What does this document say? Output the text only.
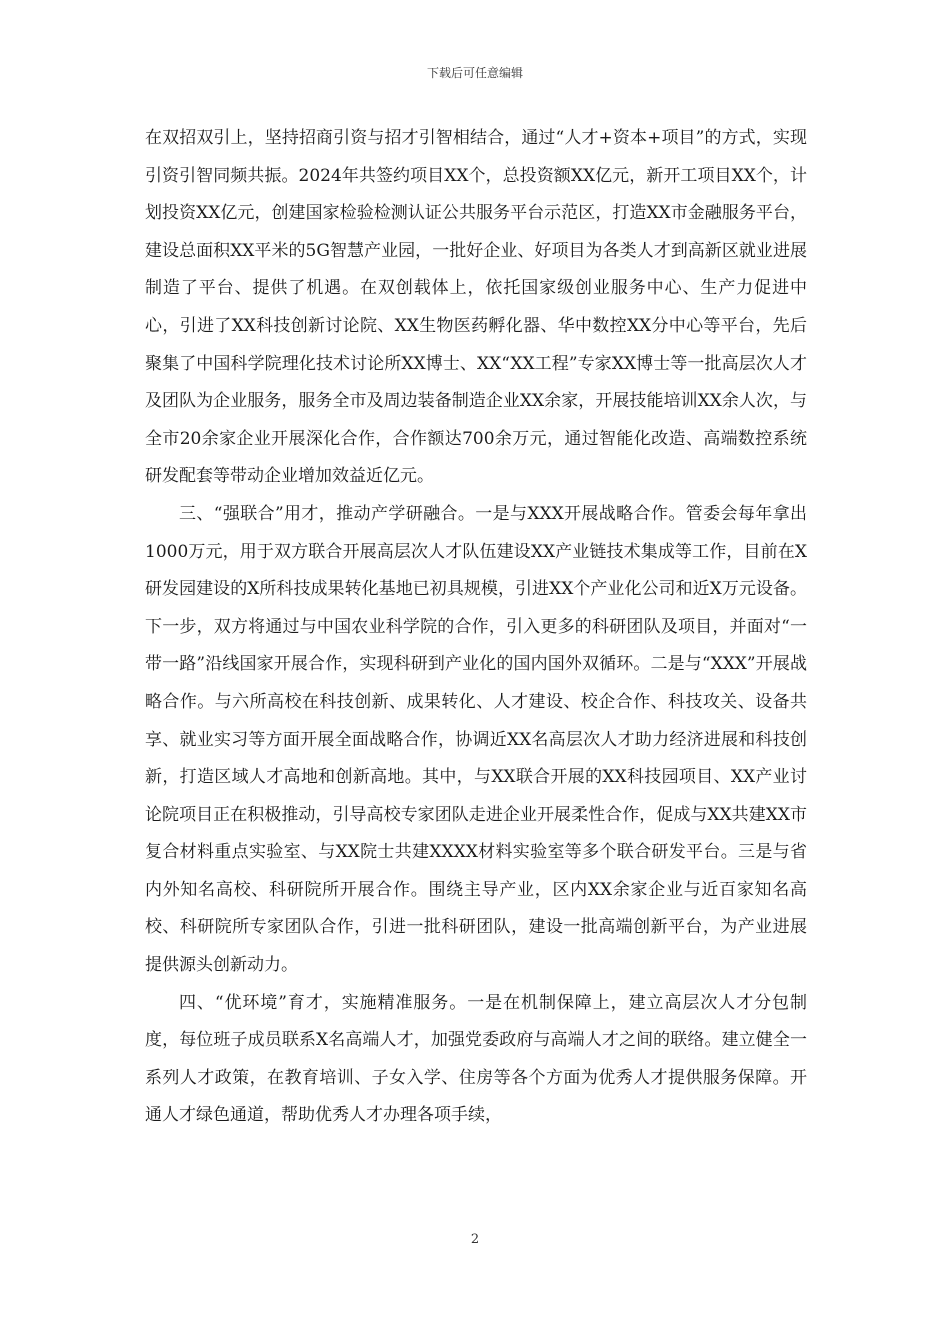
下载后可任意编辑

在双招双引上，坚持招商引资与招才引智相结合，通过“人才+资本+项目”的方式，实现引资引智同频共振。2024年共签约项目XX个，总投资额XX亿元，新开工项目XX个，计划投资XX亿元，创建国家检验检测认证公共服务平台示范区，打造XX市金融服务平台，建设总面积XX平米的5G智慧产业园，一批好企业、好项目为各类人才到高新区就业进展制造了平台、提供了机遇。在双创载体上，依托国家级创业服务中心、生产力促进中心，引进了XX科技创新讨论院、XX生物医药孵化器、华中数控XX分中心等平台，先后聚集了中国科学院理化技术讨论所XX博士、XX“XX工程”专家XX博士等一批高层次人才及团队为企业服务，服务全市及周边装备制造企业XX余家，开展技能培训XX余人次，与全市20余家企业开展深化合作，合作额达700余万元，通过智能化改造、高端数控系统研发配套等带动企业增加效益近亿元。

三、“强联合”用才，推动产学研融合。一是与XXX开展战略合作。管委会每年拿出1000万元，用于双方联合开展高层次人才队伍建设XX产业链技术集成等工作，目前在X研发园建设的X所科技成果转化基地已初具规模，引进XX个产业化公司和近X万元设备。下一步，双方将通过与中国农业科学院的合作，引入更多的科研团队及项目，并面对“一带一路”沿线国家开展合作，实现科研到产业化的国内国外双循环。二是与“XXX”开展战略合作。与六所高校在科技创新、成果转化、人才建设、校企合作、科技攻关、设备共享、就业实习等方面开展全面战略合作，协调近XX名高层次人才助力经济进展和科技创新，打造区域人才高地和创新高地。其中，与XX联合开展的XX科技园项目、XX产业讨论院项目正在积极推动，引导高校专家团队走进企业开展柔性合作，促成与XX共建XX市复合材料重点实验室、与XX院士共建XXXX材料实验室等多个联合研发平台。三是与省内外知名高校、科研院所开展合作。围绕主导产业，区内XX余家企业与近百家知名高校、科研院所专家团队合作，引进一批科研团队，建设一批高端创新平台，为产业进展提供源头创新动力。

四、“优环境”育才，实施精准服务。一是在机制保障上，建立高层次人才分包制度，每位班子成员联系X名高端人才，加强党委政府与高端人才之间的联络。建立健全一系列人才政策，在教育培训、子女入学、住房等各个方面为优秀人才提供服务保障。开通人才绿色通道，帮助优秀人才办理各项手续，

2
